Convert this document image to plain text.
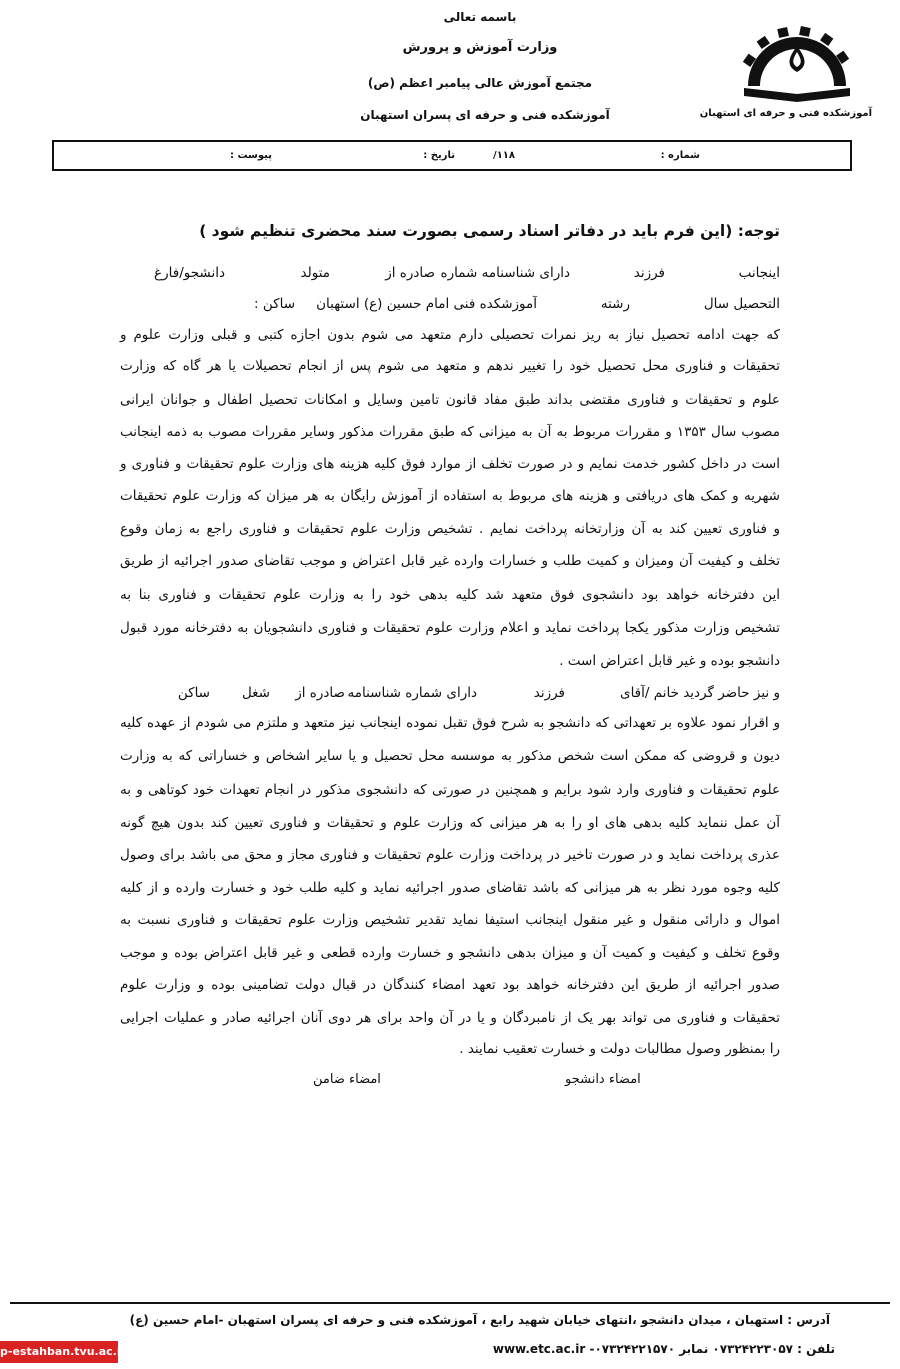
آموزشکده فنی و حرفه ای استهبان
باسمه تعالی
وزارت آموزش و پرورش
مجتمع آموزش عالی پیامبر اعظم (ص)
آموزشکده فنی و حرفه ای پسران استهبان
شماره :
۱۱۸/
تاریخ :
پیوست :
توجه: (این فرم باید در دفاتر اسناد رسمی بصورت سند محضری تنظیم شود )
اینجانب
فرزند
دارای شناسنامه شماره
صادره از
متولد
دانشجو/فارغ
التحصیل سال
رشته
آموزشکده فنی امام حسین (ع) استهبان
ساکن :
که جهت ادامه تحصیل نیاز به ریز نمرات تحصیلی دارم متعهد می شوم بدون اجازه کتبی و قبلی وزارت علوم و
تحقیقات و فناوری محل تحصیل خود را تغییر ندهم و متعهد می شوم پس از انجام تحصیلات یا هر گاه که وزارت
علوم و تحقیقات و فناوری مقتضی بداند طبق مفاد قانون تامین وسایل و امکانات تحصیل اطفال و جوانان ایرانی
مصوب سال ۱۳۵۳ و مقررات مربوط به آن به میزانی که طبق مقررات مذکور وسایر مقررات مصوب به ذمه اینجانب
است در داخل کشور خدمت نمایم و در صورت تخلف از موارد فوق کلیه هزینه های وزارت علوم تحقیقات و فناوری و
شهریه و کمک های دریافتی و هزینه های مربوط به استفاده از آموزش رایگان به هر میزان که وزارت علوم تحقیقات
و فناوری تعیین کند به آن وزارتخانه پرداخت نمایم . تشخیص وزارت علوم تحقیقات و فناوری راجع به زمان وقوع
تخلف و کیفیت آن ومیزان و کمیت طلب و خسارات وارده غیر قابل اعتراض و موجب تقاضای صدور اجرائیه از طریق
این دفترخانه خواهد بود دانشجوی فوق متعهد شد کلیه بدهی خود را به وزارت علوم تحقیقات و فناوری بنا به
تشخیص وزارت مذکور یکجا پرداخت نماید و اعلام وزارت علوم تحقیقات و فناوری دانشجویان به دفترخانه مورد قبول
دانشجو بوده و غیر قابل اعتراض است .
و نیز حاضر گردید خانم /آقای
فرزند
دارای شماره شناسنامه
صادره از
شغل
ساکن
و اقرار نمود علاوه بر تعهداتی که دانشجو به شرح فوق تقبل نموده اینجانب نیز متعهد و ملتزم می شودم از عهده کلیه
دیون و قروضی که ممکن است شخص مذکور به موسسه محل تحصیل و یا سایر اشخاص و خساراتی که به وزارت
علوم تحقیقات و فناوری وارد شود برایم و همچنین در صورتی که دانشجوی مذکور در انجام تعهدات خود کوتاهی و به
آن عمل ننماید کلیه بدهی های او را به هر میزانی که وزارت علوم و تحقیقات و فناوری تعیین کند بدون هیچ گونه
عذری پرداخت نماید و در صورت تاخیر در پرداخت وزارت علوم تحقیقات و فناوری مجاز و محق می باشد برای وصول
کلیه وجوه مورد نظر به هر میزانی که باشد تقاضای صدور اجرائیه نماید و کلیه طلب خود و خسارت وارده و از کلیه
اموال و دارائی منقول و غیر منقول اینجانب استیفا نماید تقدیر تشخیص وزارت علوم تحقیقات و فناوری نسبت به
وقوع تخلف و کیفیت و کمیت آن و میزان بدهی دانشجو و خسارت وارده قطعی و غیر قابل اعتراض بوده و موجب
صدور اجرائیه از طریق این دفترخانه خواهد بود تعهد امضاء کنندگان در قبال دولت تضامینی بوده و وزارت علوم
تحقیقات و فناوری می تواند بهر یک از نامبردگان و یا در آن واحد برای هر دوی آنان اجرائیه صادر و عملیات اجرایی
را بمنظور وصول مطالبات دولت و خسارت تعقیب نمایند .
امضاء دانشجو
امضاء ضامن
آدرس : استهبان ، میدان دانشجو ،انتهای خیابان شهید رابع ، آموزشکده فنی و حرفه ای پسران استهبان -امام حسین (ع)
تلفن : ۰۷۳۲۴۲۲۳۰۵۷ نمابر ۰۷۳۲۴۲۲۱۵۷۰- www.etc.ac.ir
p-estahban.tvu.ac.ir
